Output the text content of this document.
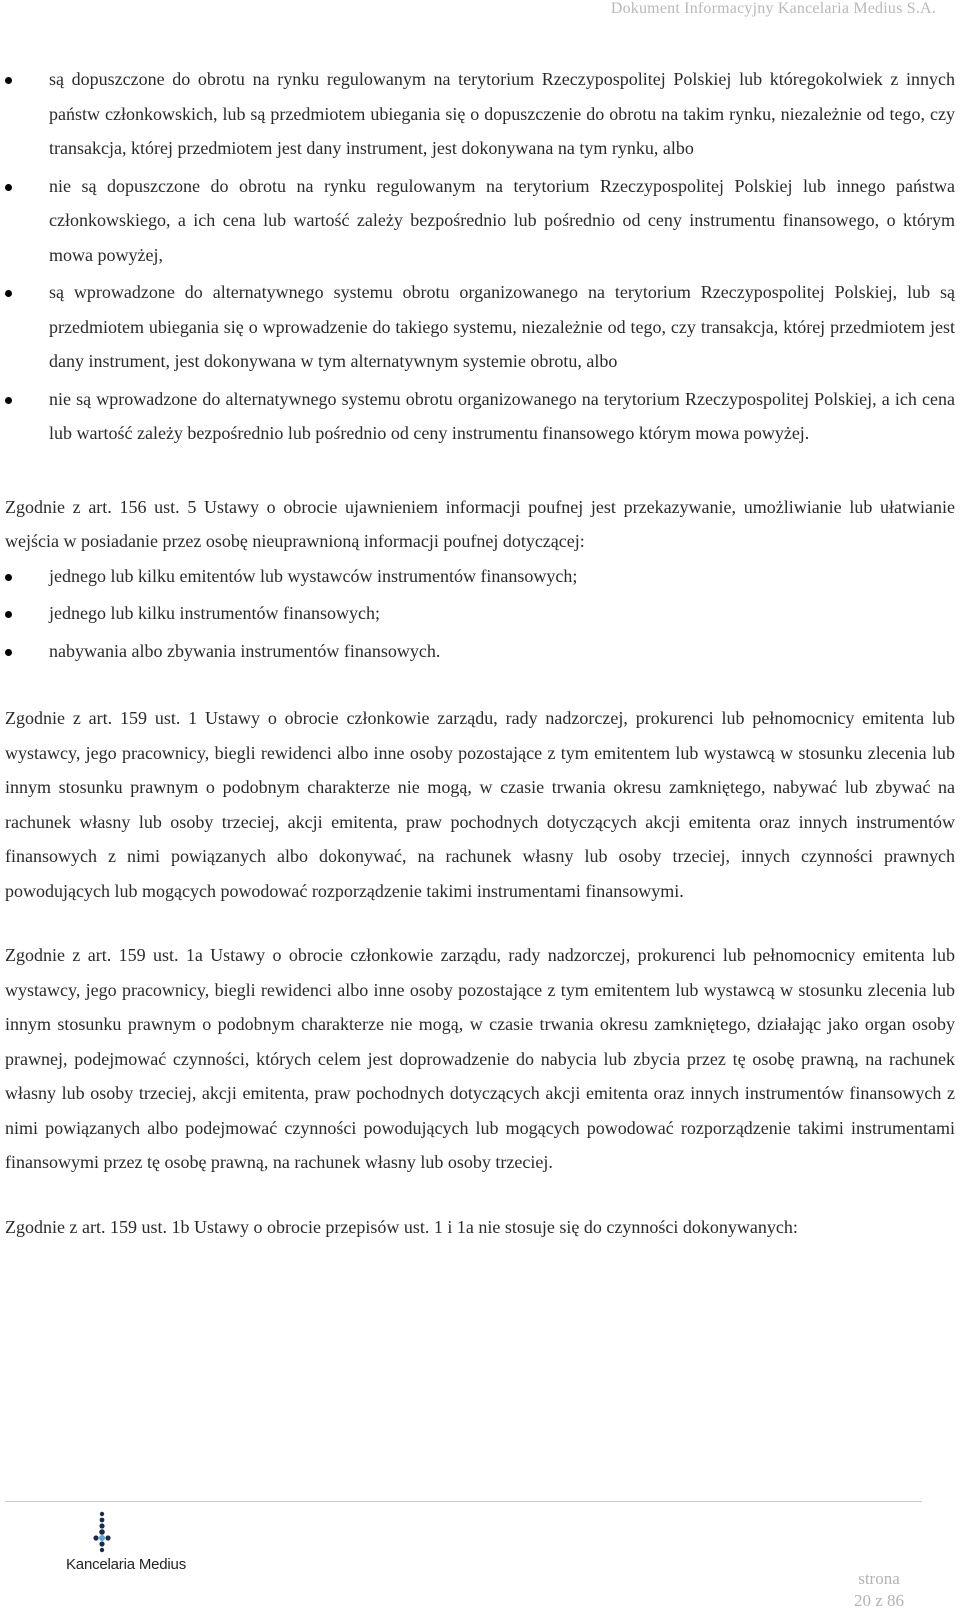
Dokument Informacyjny Kancelaria Medius S.A.
są dopuszczone do obrotu na rynku regulowanym na terytorium Rzeczypospolitej Polskiej lub któregokolwiek z innych państw członkowskich, lub są przedmiotem ubiegania się o dopuszczenie do obrotu na takim rynku, niezależnie od tego, czy transakcja, której przedmiotem jest dany instrument, jest dokonywana na tym rynku, albo
nie są dopuszczone do obrotu na rynku regulowanym na terytorium Rzeczypospolitej Polskiej lub innego państwa członkowskiego, a ich cena lub wartość zależy bezpośrednio lub pośrednio od ceny instrumentu finansowego, o którym mowa powyżej,
są wprowadzone do alternatywnego systemu obrotu organizowanego na terytorium Rzeczypospolitej Polskiej, lub są przedmiotem ubiegania się o wprowadzenie do takiego systemu, niezależnie od tego, czy transakcja, której przedmiotem jest dany instrument, jest dokonywana w tym alternatywnym systemie obrotu, albo
nie są wprowadzone do alternatywnego systemu obrotu organizowanego na terytorium Rzeczypospolitej Polskiej, a ich cena lub wartość zależy bezpośrednio lub pośrednio od ceny instrumentu finansowego którym mowa powyżej.

Zgodnie z art. 156 ust. 5 Ustawy o obrocie ujawnieniem informacji poufnej jest przekazywanie, umożliwianie lub ułatwianie wejścia w posiadanie przez osobę nieuprawnioną informacji poufnej dotyczącej:

jednego lub kilku emitentów lub wystawców instrumentów finansowych;
jednego lub kilku instrumentów finansowych;
nabywania albo zbywania instrumentów finansowych.

Zgodnie z art. 159 ust. 1 Ustawy o obrocie członkowie zarządu, rady nadzorczej, prokurenci lub pełnomocnicy emitenta lub wystawcy, jego pracownicy, biegli rewidenci albo inne osoby pozostające z tym emitentem lub wystawcą w stosunku zlecenia lub innym stosunku prawnym o podobnym charakterze nie mogą, w czasie trwania okresu zamkniętego, nabywać lub zbywać na rachunek własny lub osoby trzeciej, akcji emitenta, praw pochodnych dotyczących akcji emitenta oraz innych instrumentów finansowych z nimi powiązanych albo dokonywać, na rachunek własny lub osoby trzeciej, innych czynności prawnych powodujących lub mogących powodować rozporządzenie takimi instrumentami finansowymi.

Zgodnie z art. 159 ust. 1a Ustawy o obrocie członkowie zarządu, rady nadzorczej, prokurenci lub pełnomocnicy emitenta lub wystawcy, jego pracownicy, biegli rewidenci albo inne osoby pozostające z tym emitentem lub wystawcą w stosunku zlecenia lub innym stosunku prawnym o podobnym charakterze nie mogą, w czasie trwania okresu zamkniętego, działając jako organ osoby prawnej, podejmować czynności, których celem jest doprowadzenie do nabycia lub zbycia przez tę osobę prawną, na rachunek własny lub osoby trzeciej, akcji emitenta, praw pochodnych dotyczących akcji emitenta oraz innych instrumentów finansowych z nimi powiązanych albo podejmować czynności powodujących lub mogących powodować rozporządzenie takimi instrumentami finansowymi przez tę osobę prawną, na rachunek własny lub osoby trzeciej.

Zgodnie z art. 159 ust. 1b Ustawy o obrocie przepisów ust. 1 i 1a nie stosuje się do czynności dokonywanych:

Kancelaria Medius
strona
20 z 86
